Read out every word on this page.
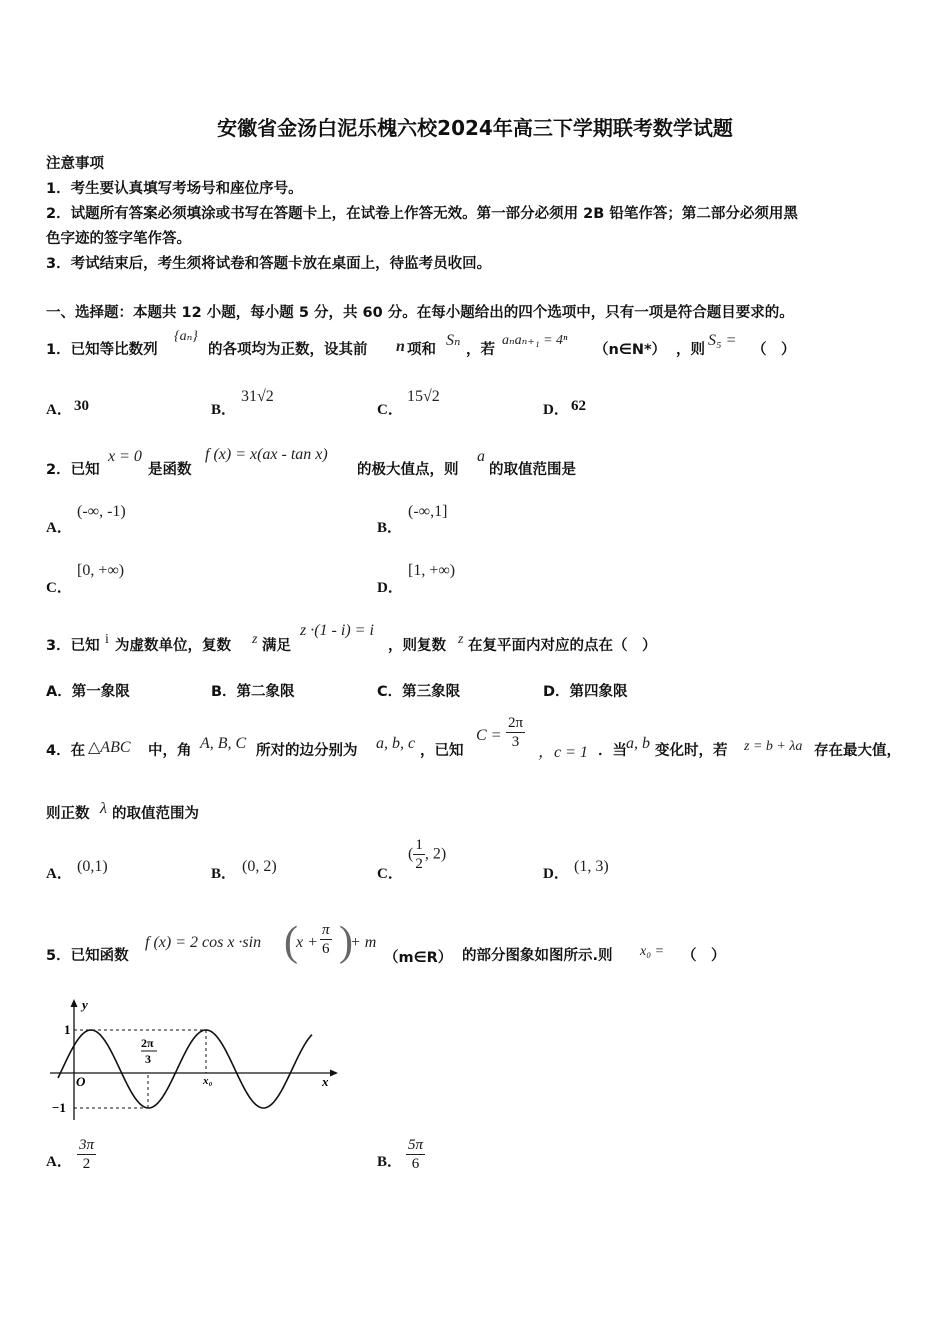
安徽省金汤白泥乐槐六校2024年高三下学期联考数学试题
注意事项
1．考生要认真填写考场号和座位序号。
2．试题所有答案必须填涂或书写在答题卡上，在试卷上作答无效。第一部分必须用 2B 铅笔作答；第二部分必须用黑
色字迹的签字笔作答。
3．考试结束后，考生须将试卷和答题卡放在桌面上，待监考员收回。
一、选择题：本题共 12 小题，每小题 5 分，共 60 分。在每小题给出的四个选项中，只有一项是符合题目要求的。
1．已知等比数列
{aₙ}
的各项均为正数，设其前 n 项和
Sₙ
，若
aₙaₙ₊₁ = 4ⁿ
（n∈N*） ，则
S₅ =
（　）
A． 30	B．
31√2
C．
15√2
D． 62
2．已知
x = 0
是函数
f (x) = x(ax - tan x)
的极大值点，则
a
的取值范围是
A．
(-∞, -1)
B．
(-∞,1]
C．
[0, +∞)
D．
[1, +∞)
3．已知 i 为虚数单位，复数 z 满足
z ·(1 - i) = i
，则复数 z 在复平面内对应的点在（　）
A．第一象限	B．第二象限	C．第三象限	D．第四象限
4．在 △ABC 中，角 A, B, C 所对的边分别为 a, b, c ，已知
$C = \frac{2\pi}{3}$
，c = 1 ．当 a, b 变化时，若 z = b + λa 存在最大值，
则正数 λ 的取值范围为
A． (0,1)	B． (0, 2)	C．
( $\frac{1}{2}$ , 2)
D． (1, 3)
5．已知函数
f (x) = 2 cos x ·sin (
$x + \frac{\pi}{6}$ )
+ m
（m∈R） 的部分图象如图所示.则 x₀ = （　）
y
x
O
1
−1
2π
3
x₀
A． $\frac{3\pi}{2}$	B． $\frac{5\pi}{6}$
